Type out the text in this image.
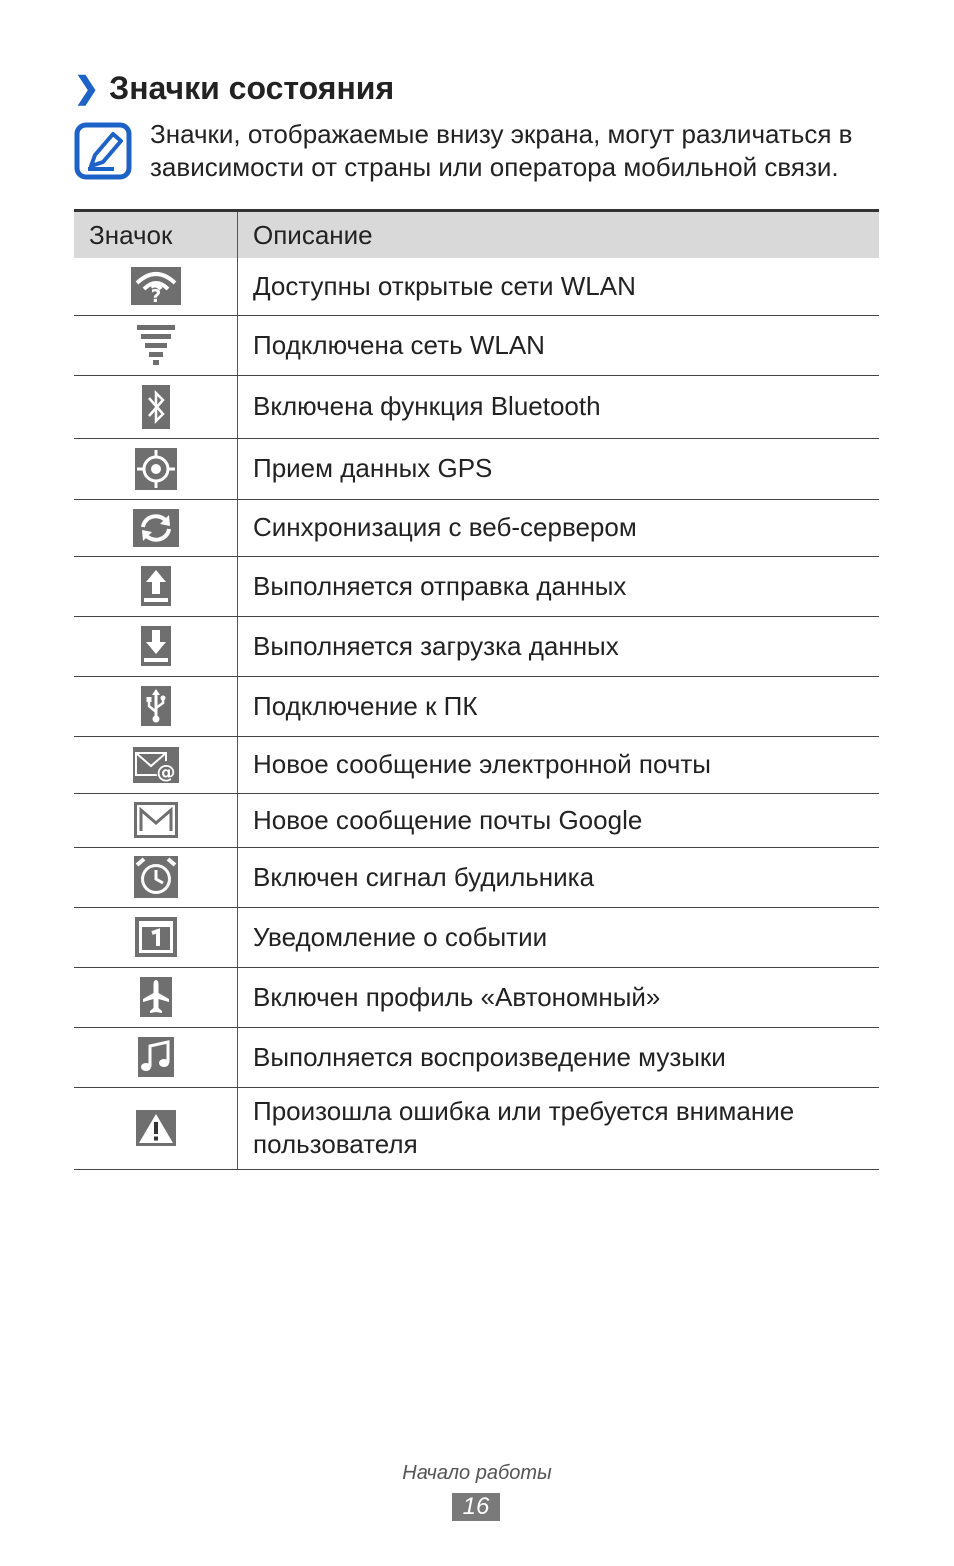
❯ Значки состояния
Значки, отображаемые внизу экрана, могут различаться в зависимости от страны или оператора мобильной связи.
Значок	Описание

?	Доступны открытые сети WLAN

	Подключена сеть WLAN

	Включена функция Bluetooth

	Прием данных GPS

	Синхронизация с веб-сервером

	Выполняется отправка данных

	Выполняется загрузка данных

	Подключение к ПК

@	Новое сообщение электронной почты

	Новое сообщение почты Google

	Включен сигнал будильника

	Уведомление о событии

	Включен профиль «Автономный»

	Выполняется воспроизведение музыки

	Произошла ошибка или требуется внимание пользователя
Начало работы
16
